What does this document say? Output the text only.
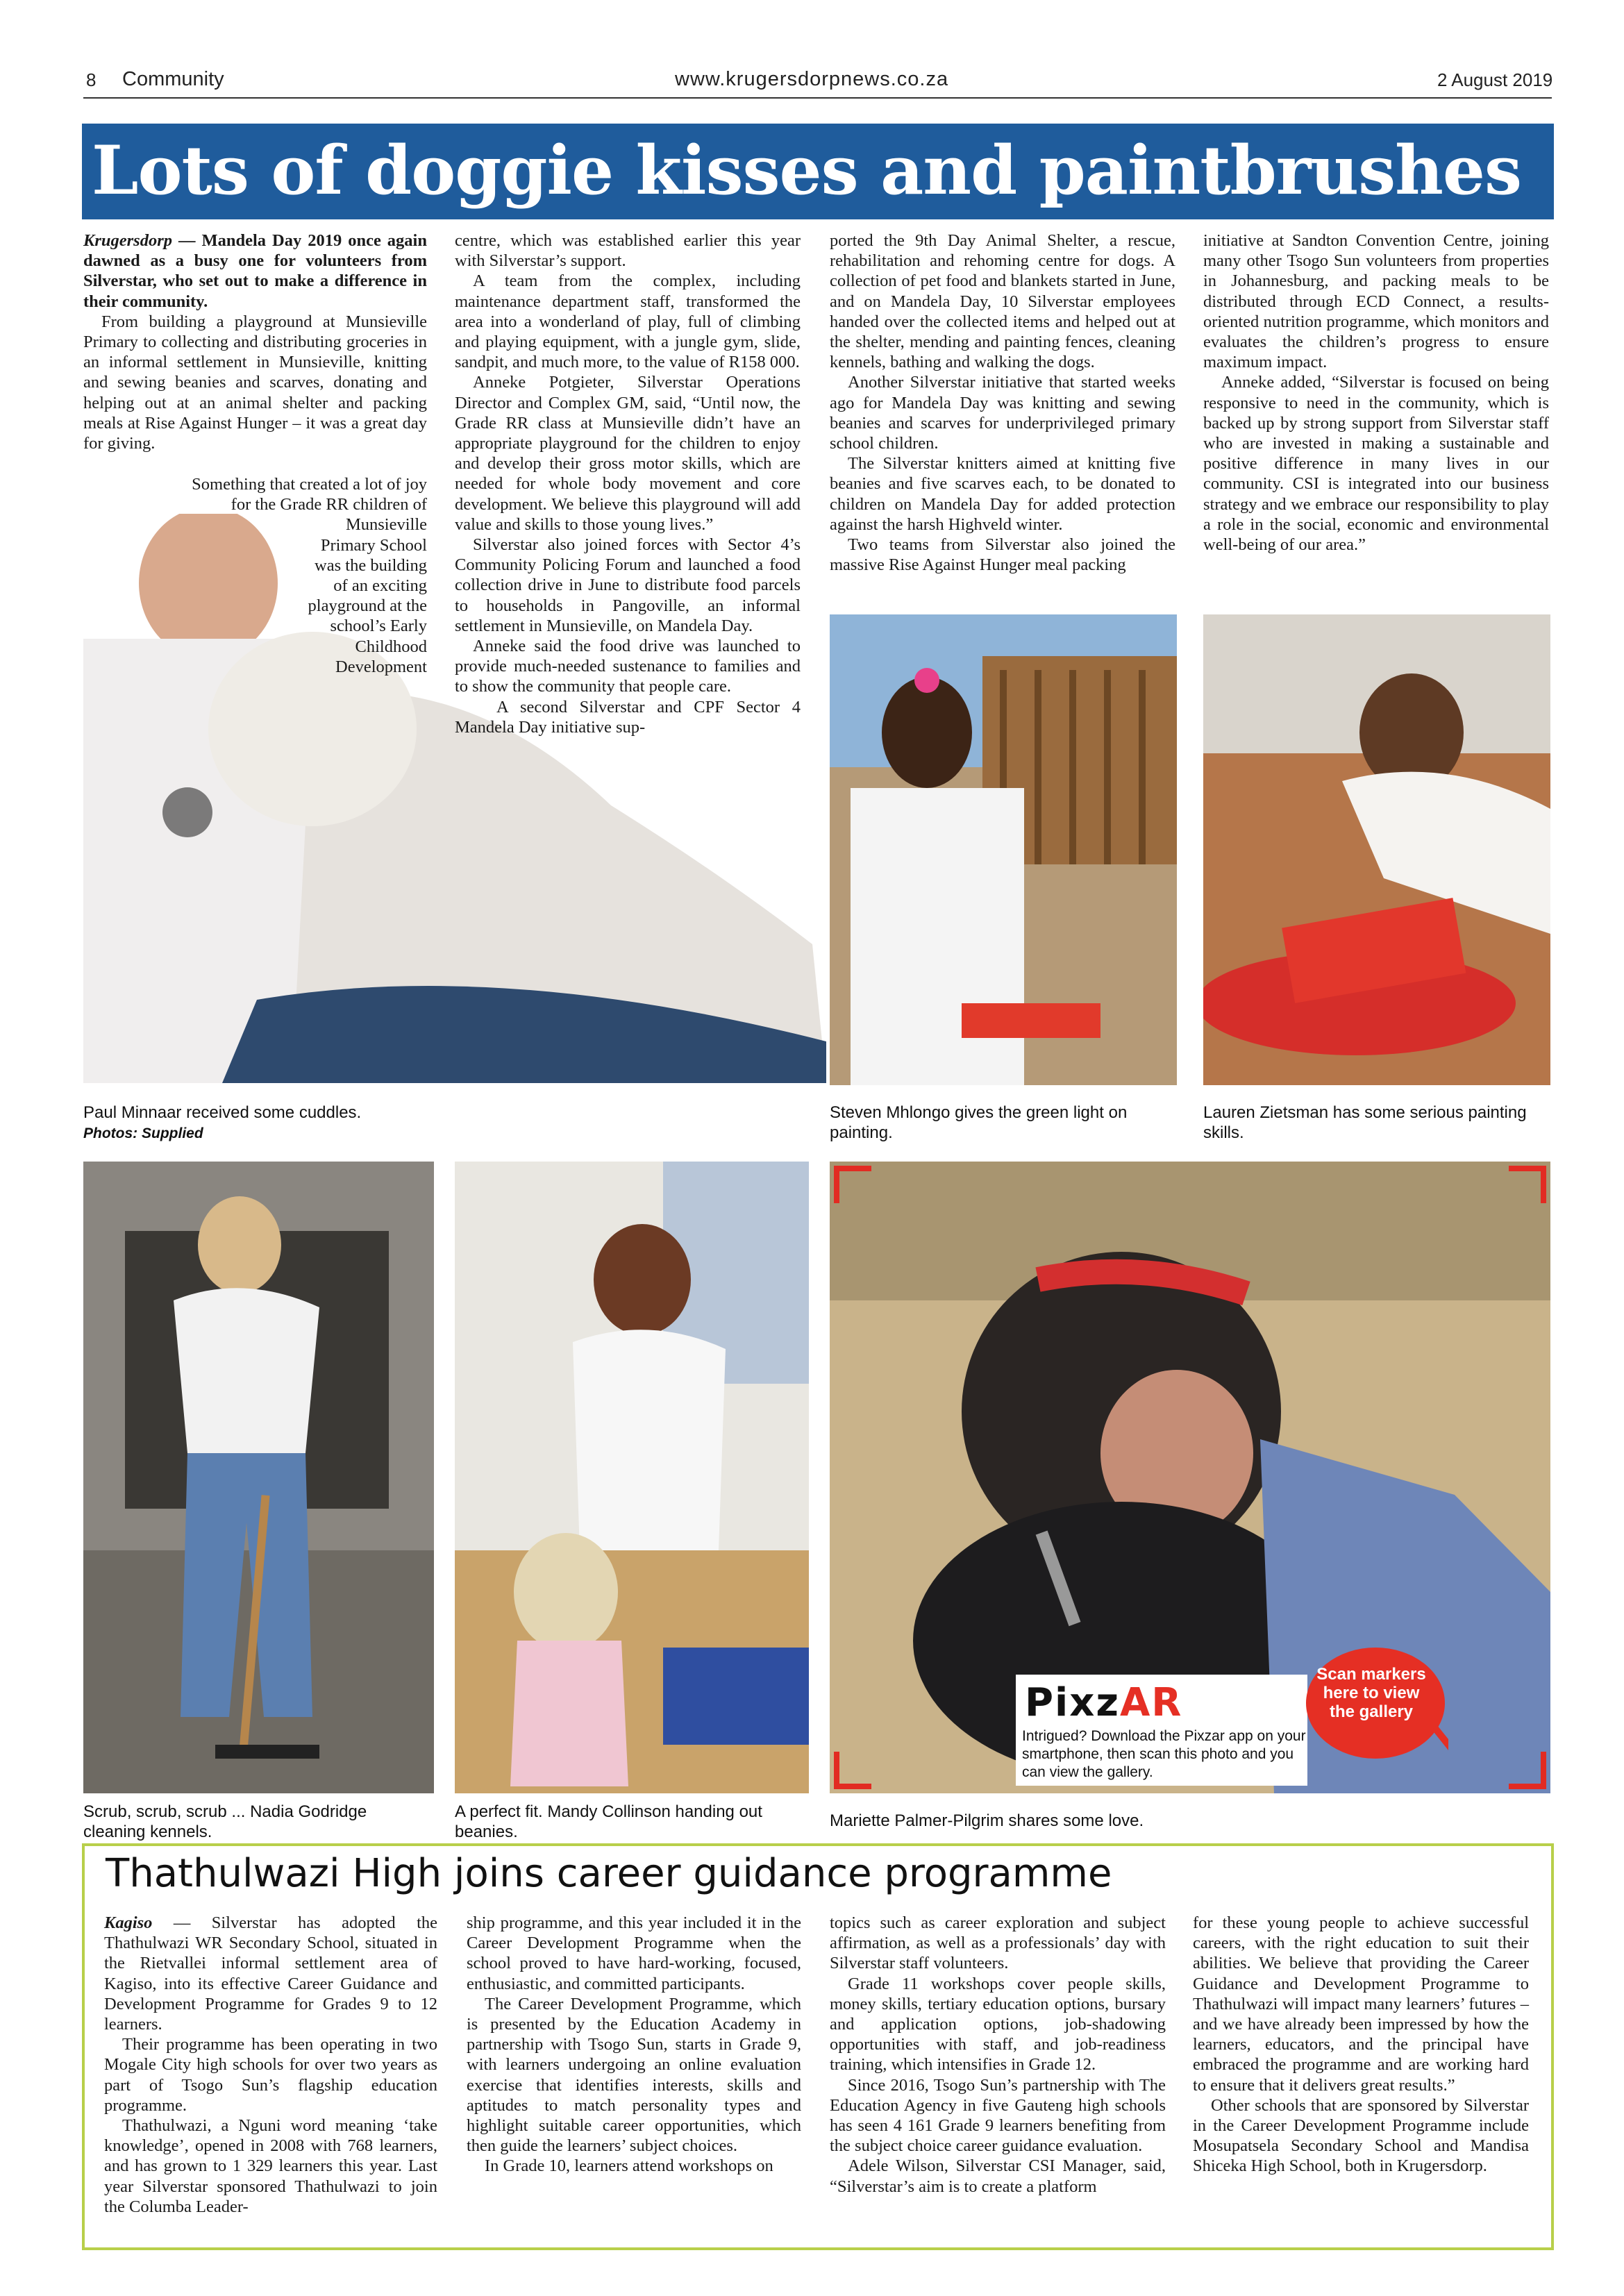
8 Community	www.krugersdorpnews.co.za	2 August 2019
Lots of doggie kisses and paintbrushes

Krugersdorp — Mandela Day 2019 once again dawned as a busy one for volunteers from Silverstar, who set out to make a difference in their community.

From building a playground at Munsieville Primary to collecting and distributing groceries in an informal settlement in Munsieville, knitting and sewing beanies and scarves, donating and helping out at an animal shelter and packing meals at Rise Against Hunger – it was a great day for giving.

Something that created a lot of joy for the Grade RR children of Munsieville Primary School was the building of an exciting playground at the school’s Early Childhood Development

centre, which was established earlier this year with Silverstar’s support.

A team from the complex, including maintenance department staff, transformed the area into a wonderland of play, full of climbing and playing equipment, with a jungle gym, slide, sandpit, and much more, to the value of R158 000.

Anneke Potgieter, Silverstar Operations Director and Complex GM, said, “Until now, the Grade RR class at Munsieville didn’t have an appropriate playground for the children to enjoy and develop their gross motor skills, which are needed for whole body movement and core development. We believe this playground will add value and skills to those young lives.”

Silverstar also joined forces with Sector 4’s Community Policing Forum and launched a food collection drive in June to distribute food parcels to households in Pangoville, an informal settlement in Munsieville, on Mandela Day.

Anneke said the food drive was launched to provide much-needed sustenance to families and to show the community that people care.

A second Silverstar and CPF Sector 4 Mandela Day initiative sup-

ported the 9th Day Animal Shelter, a rescue, rehabilitation and rehoming centre for dogs. A collection of pet food and blankets started in June, and on Mandela Day, 10 Silverstar employees handed over the collected items and helped out at the shelter, mending and painting fences, cleaning kennels, bathing and walking the dogs.

Another Silverstar initiative that started weeks ago for Mandela Day was knitting and sewing beanies and scarves for underprivileged primary school children.

The Silverstar knitters aimed at knitting five beanies and five scarves each, to be donated to children on Mandela Day for added protection against the harsh Highveld winter.

Two teams from Silverstar also joined the massive Rise Against Hunger meal packing

initiative at Sandton Convention Centre, joining many other Tsogo Sun volunteers from properties in Johannesburg, and packing meals to be distributed through ECD Connect, a results-oriented nutrition programme, which monitors and evaluates the children’s progress to ensure maximum impact.

Anneke added, “Silverstar is focused on being responsive to need in the community, which is backed up by strong support from Silverstar staff who are invested in making a sustainable and positive difference in many lives in our community. CSI is integrated into our business strategy and we embrace our responsibility to play a role in the social, economic and environmental well-being of our area.”

Paul Minnaar received some cuddles.
Photos: Supplied
Steven Mhlongo gives the green light on painting.
Lauren Zietsman has some serious painting skills.
PixzAR
Intrigued? Download the Pixzar app on your smartphone, then scan this photo and you can view the gallery.
Scan markers here to view the gallery
Scrub, scrub, scrub ... Nadia Godridge cleaning kennels.
A perfect fit. Mandy Collinson handing out beanies.
Mariette Palmer-Pilgrim shares some love.
Thathulwazi High joins career guidance programme

Kagiso — Silverstar has adopted the Thathulwazi WR Secondary School, situated in the Rietvallei informal settlement area of Kagiso, into its effective Career Guidance and Development Programme for Grades 9 to 12 learners.

Their programme has been operating in two Mogale City high schools for over two years as part of Tsogo Sun’s flagship education programme.

Thathulwazi, a Nguni word meaning ‘take knowledge’, opened in 2008 with 768 learners, and has grown to 1 329 learners this year. Last year Silverstar sponsored Thathulwazi to join the Columba Leader-

ship programme, and this year included it in the Career Development Programme when the school proved to have hard-working, focused, enthusiastic, and committed participants.

The Career Development Programme, which is presented by the Education Academy in partnership with Tsogo Sun, starts in Grade 9, with learners undergoing an online evaluation exercise that identifies interests, skills and aptitudes to match personality types and highlight suitable career opportunities, which then guide the learners’ subject choices.

In Grade 10, learners attend workshops on

topics such as career exploration and subject affirmation, as well as a professionals’ day with Silverstar staff volunteers.

Grade 11 workshops cover people skills, money skills, tertiary education options, bursary and application options, job-shadowing opportunities with staff, and job-readiness training, which intensifies in Grade 12.

Since 2016, Tsogo Sun’s partnership with The Education Agency in five Gauteng high schools has seen 4 161 Grade 9 learners benefiting from the subject choice career guidance evaluation.

Adele Wilson, Silverstar CSI Manager, said, “Silverstar’s aim is to create a platform

for these young people to achieve successful careers, with the right education to suit their abilities. We believe that providing the Career Guidance and Development Programme to Thathulwazi will impact many learners’ futures – and we have already been impressed by how the learners, educators, and the principal have embraced the programme and are working hard to ensure that it delivers great results.”

Other schools that are sponsored by Silverstar in the Career Development Programme include Mosupatsela Secondary School and Mandisa Shiceka High School, both in Krugersdorp.
